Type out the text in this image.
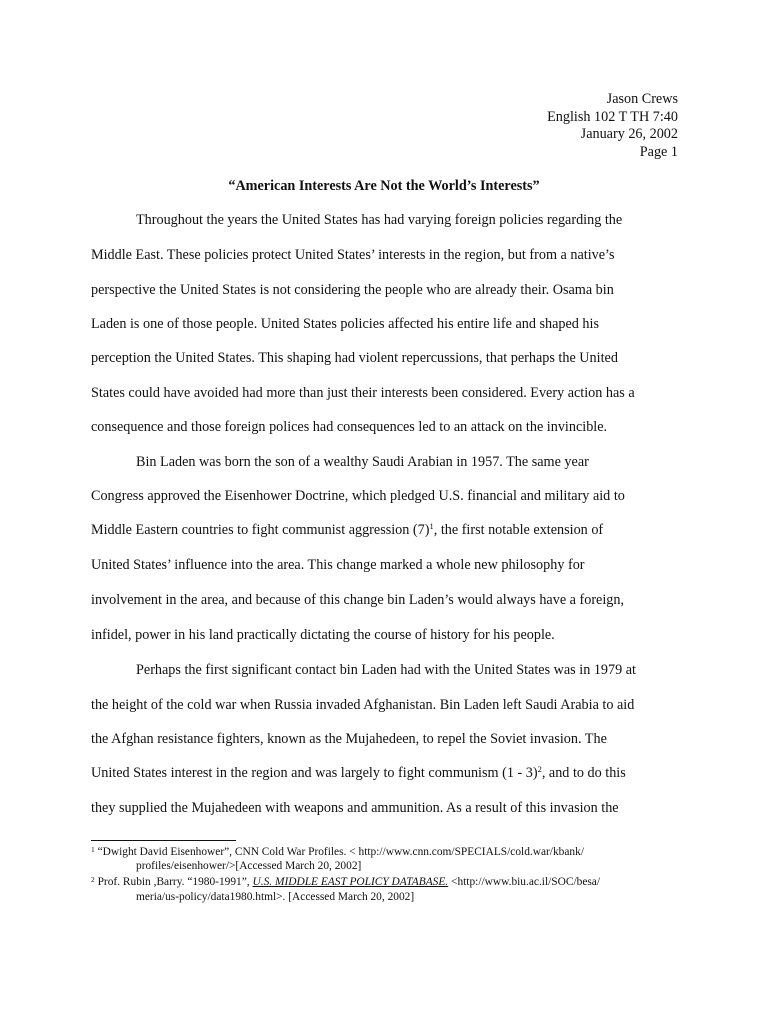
Jason Crews
English 102 T TH 7:40
January 26, 2002
Page 1
“American Interests Are Not the World’s Interests”
Throughout the years the United States has had varying foreign policies regarding the
Middle East. These policies protect United States’ interests in the region, but from a native’s
perspective the United States is not considering the people who are already their. Osama bin
Laden is one of those people. United States policies affected his entire life and shaped his
perception the United States. This shaping had violent repercussions, that perhaps the United
States could have avoided had more than just their interests been considered. Every action has a
consequence and those foreign polices had consequences led to an attack on the invincible.
Bin Laden was born the son of a wealthy Saudi Arabian in 1957. The same year
Congress approved the Eisenhower Doctrine, which pledged U.S. financial and military aid to
Middle Eastern countries to fight communist aggression $(7)^1$, the first notable extension of
United States’ influence into the area. This change marked a whole new philosophy for
involvement in the area, and because of this change bin Laden’s would always have a foreign,
infidel, power in his land practically dictating the course of history for his people.
Perhaps the first significant contact bin Laden had with the United States was in 1979 at
the height of the cold war when Russia invaded Afghanistan. Bin Laden left Saudi Arabia to aid
the Afghan resistance fighters, known as the Mujahedeen, to repel the Soviet invasion. The
United States interest in the region and was largely to fight communism (1 - 3)$^2$, and to do this
they supplied the Mujahedeen with weapons and ammunition. As a result of this invasion the
$^1$ “Dwight David Eisenhower”, CNN Cold War Profiles. < http://www.cnn.com/SPECIALS/cold.war/kbank/
profiles/eisenhower/>[Accessed March 20, 2002]
$^2$ Prof. Rubin ,Barry. “1980-1991”, U.S. MIDDLE EAST POLICY DATABASE. <http://www.biu.ac.il/SOC/besa/
meria/us-policy/data1980.html>. [Accessed March 20, 2002]
